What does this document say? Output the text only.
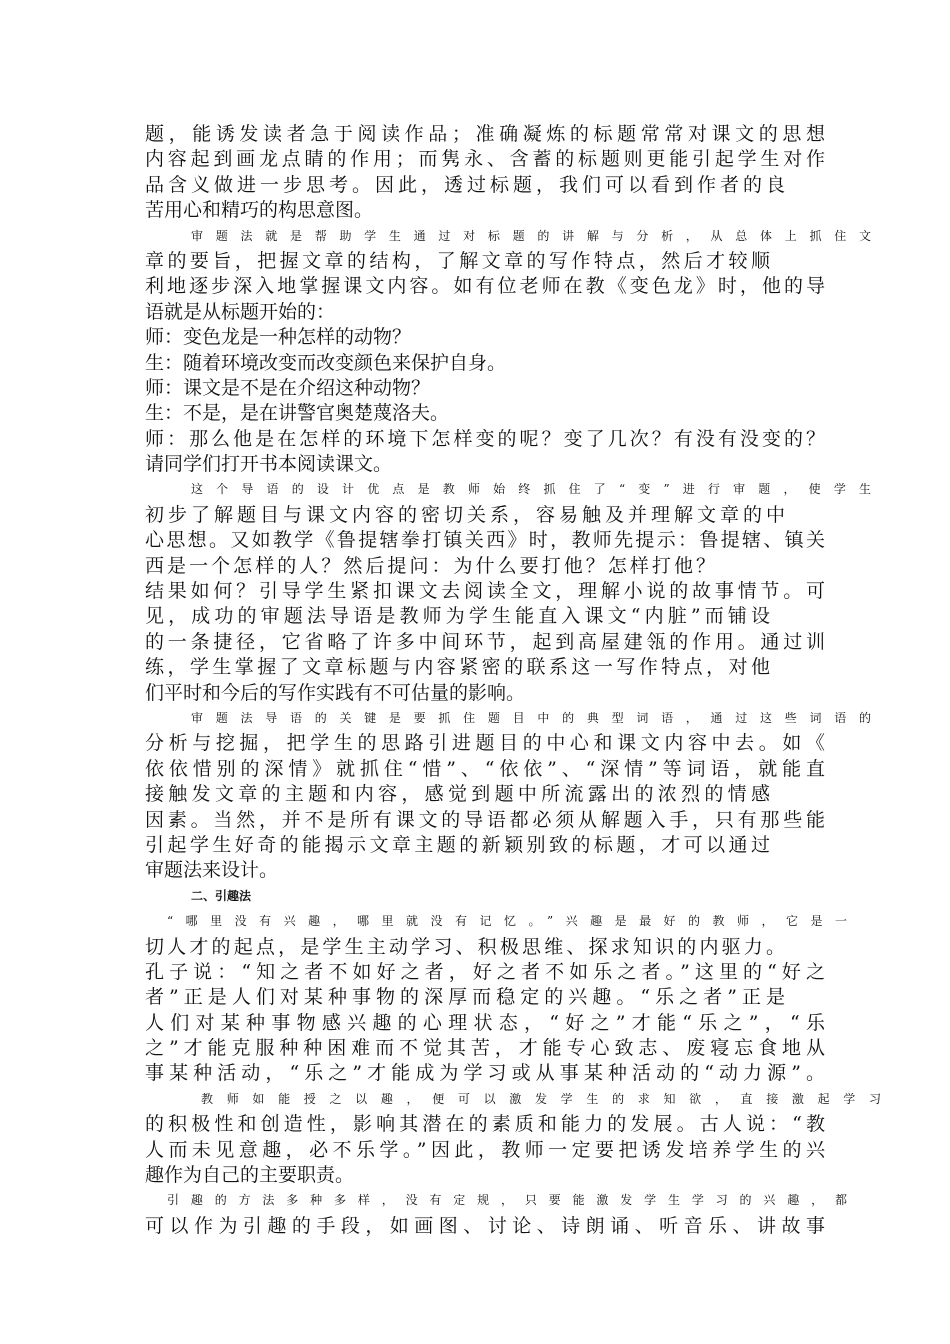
题，能诱发读者急于阅读作品；准确凝炼的标题常常对课文的思想
内容起到画龙点睛的作用；而隽永、含蓄的标题则更能引起学生对作
品含义做进一步思考。因此，透过标题，我们可以看到作者的良
苦用心和精巧的构思意图。
审题法就是帮助学生通过对标题的讲解与分析，从总体上抓住文
章的要旨，把握文章的结构，了解文章的写作特点，然后才较顺
利地逐步深入地掌握课文内容。如有位老师在教《变色龙》时，他的导
语就是从标题开始的：
师：变色龙是一种怎样的动物？
生：随着环境改变而改变颜色来保护自身。
师：课文是不是在介绍这种动物？
生：不是，是在讲警官奥楚蔑洛夫。
师：那么他是在怎样的环境下怎样变的呢？变了几次？有没有没变的？
请同学们打开书本阅读课文。
这个导语的设计优点是教师始终抓住了“变”进行审题，使学生
初步了解题目与课文内容的密切关系，容易触及并理解文章的中
心思想。又如教学《鲁提辖拳打镇关西》时，教师先提示：鲁提辖、镇关
西是一个怎样的人？然后提问：为什么要打他？怎样打他？
结果如何？引导学生紧扣课文去阅读全文，理解小说的故事情节。可
见，成功的审题法导语是教师为学生能直入课文“内脏”而铺设
的一条捷径，它省略了许多中间环节，起到高屋建瓴的作用。通过训
练，学生掌握了文章标题与内容紧密的联系这一写作特点，对他
们平时和今后的写作实践有不可估量的影响。
审题法导语的关键是要抓住题目中的典型词语，通过这些词语的
分析与挖掘，把学生的思路引进题目的中心和课文内容中去。如《
依依惜别的深情》就抓住“惜”、“依依”、“深情”等词语，就能直
接触发文章的主题和内容，感觉到题中所流露出的浓烈的情感
因素。当然，并不是所有课文的导语都必须从解题入手，只有那些能
引起学生好奇的能揭示文章主题的新颖别致的标题，才可以通过
审题法来设计。
二、引趣法
“哪里没有兴趣，哪里就没有记忆。”兴趣是最好的教师，它是一
切人才的起点，是学生主动学习、积极思维、探求知识的内驱力。
孔子说：“知之者不如好之者，好之者不如乐之者。”这里的“好之
者”正是人们对某种事物的深厚而稳定的兴趣。“乐之者”正是
人们对某种事物感兴趣的心理状态，“好之”才能“乐之”，“乐
之”才能克服种种困难而不觉其苦，才能专心致志、废寝忘食地从
事某种活动，“乐之”才能成为学习或从事某种活动的“动力源”。
教师如能授之以趣，便可以激发学生的求知欲，直接激起学习
的积极性和创造性，影响其潜在的素质和能力的发展。古人说：“教
人而未见意趣，必不乐学。”因此，教师一定要把诱发培养学生的兴
趣作为自己的主要职责。
引趣的方法多种多样，没有定规，只要能激发学生学习的兴趣，都
可以作为引趣的手段，如画图、讨论、诗朗诵、听音乐、讲故事
